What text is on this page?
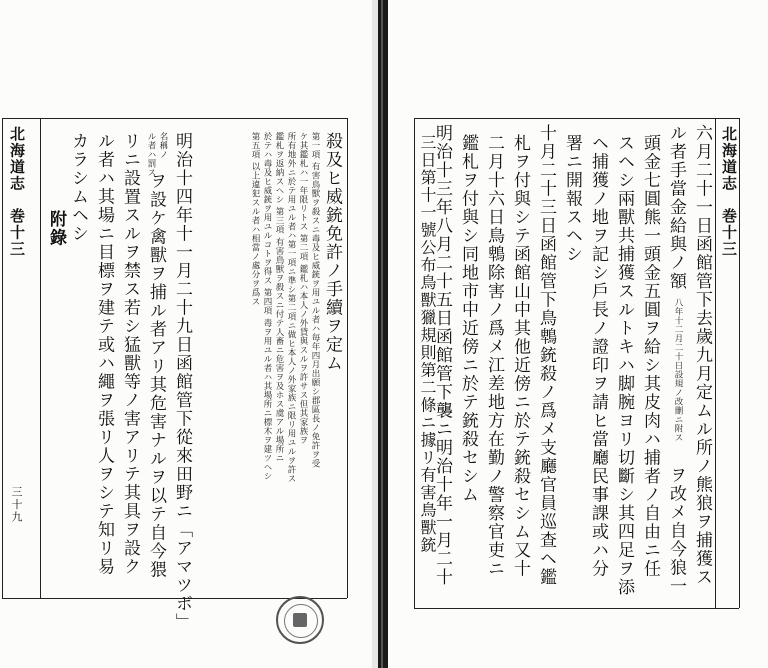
北海道志
巻十三
三十九
殺及ヒ威銃免許ノ手續ヲ定ム
第一項 有害鳥獸ヲ殺スニ毒及ヒ威銃ヲ用ユル者ハ毎年四月出願シ郡區長ノ免許ヲ受
ケ其鑑札ハ一年限リトス 第二項 鑑札ハ本人ノ外貸與スルヲ許サス但其家族ヲ
所有地外ニ於テ用ユル者ハ第一項ニ準シ第二項ニ做ヒ本人ノ外家族ニ限リ用ユルヲ許ス
鑑札ヲ返納スヘシ 第三項 有害鳥獸ヲ殺スニ付テ人畜ニ危害ヲ及ホス虞アル場所ニ
於テハ毒及ヒ威銃ヲ用ユルコトヲ得ス 第四項 毒ヲ用ユル者ハ其場所ニ標木ヲ建ツヘシ
第五項 以上違犯スル者ハ相當ノ處分ヲ爲ス
明治十四年十一月二十九日函館管下從來田野ニ「アマツボ」
名稱ノ
ル者ハ罰ス
ヲ設ケ禽獸ヲ捕ル者アリ其危害ナルヲ以テ自今猥
リニ設置スルヲ禁ス若シ猛獸等ノ害アリテ其具ヲ設ク
ル者ハ其場ニ目標ヲ建テ或ハ繩ヲ張リ人ヲシテ知リ易
カラシムヘシ
附錄
北海道志
巻十三
六月二十一日函館管下去歲九月定ムル所ノ熊狼ヲ捕獲ス
ル者手當金給與ノ額
八年十二月二十日設規ノ改刪ニ附ス
ヲ改メ自今狼一
頭金七圓熊一頭金五圓ヲ給シ其皮肉ハ捕者ノ自由ニ任
スヘシ兩獸共捕獲スルトキハ脚腕ヨリ切斷シ其四足ヲ添
ヘ捕獲ノ地ヲ記シ戶長ノ證印ヲ請ヒ當廳民事課或ハ分
署ニ開報スヘシ
十月二十三日函館管下鳥鵯銃殺ノ爲メ支廳官員巡查ヘ鑑
札ヲ付與シテ函館山中其他近傍ニ於テ銃殺セシム又十
二月十六日鳥鵯除害ノ爲メ江差地方在勤ノ警察官吏ニ
鑑札ヲ付與シ同地市中近傍ニ於テ銃殺セシム
明治十三年八月二十五日函館管下襲ニ明治十年一月二十
三日第十一號公布鳥獸獵規則第二條ニ據リ有害鳥獸銃
